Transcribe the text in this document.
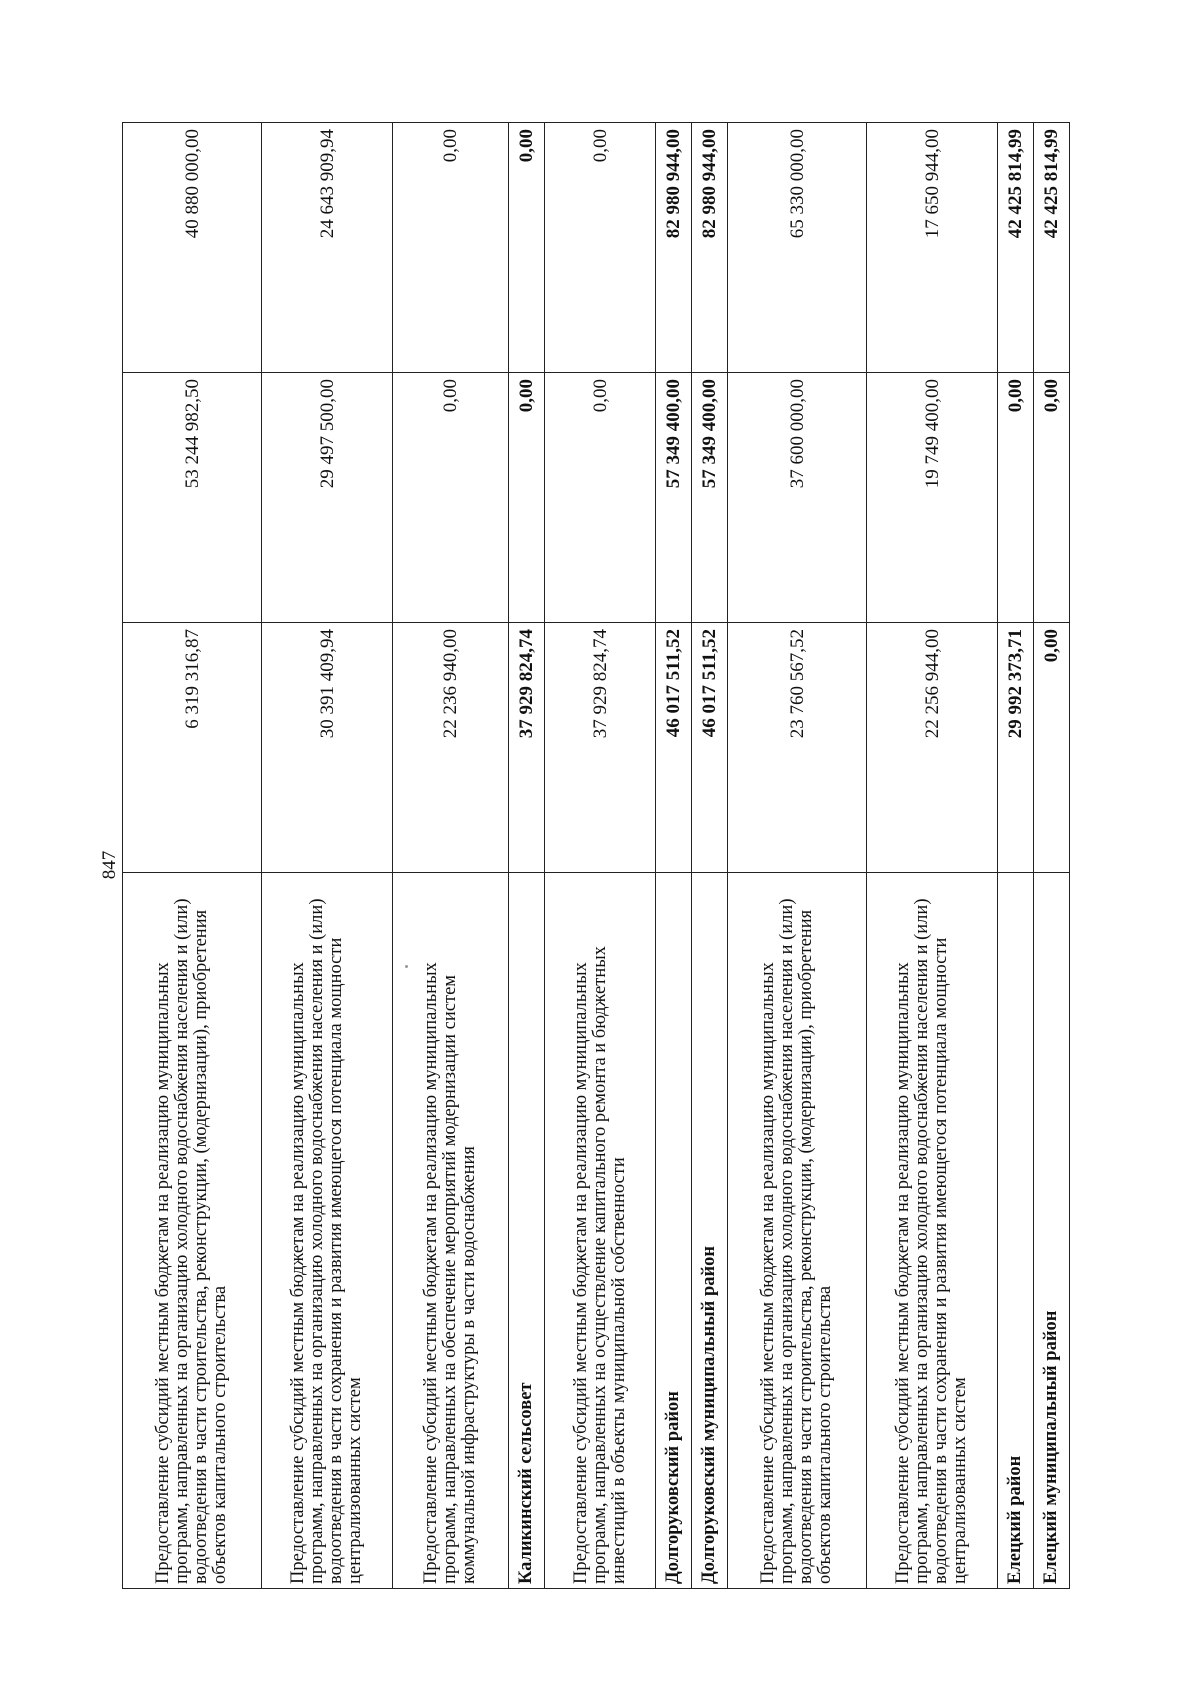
847
Предоставление субсидий местным бюджетам на реализацию муниципальных программ, направленных на организацию холодного водоснабжения населения и (или) водоотведения в части строительства, реконструкции, (модернизации), приобретения объектов капитального строительства	6 319 316,87	53 244 982,50	40 880 000,00
Предоставление субсидий местным бюджетам на реализацию муниципальных программ, направленных на организацию холодного водоснабжения населения и (или) водоотведения в части сохранения и развития имеющегося потенциала мощности централизованных систем	30 391 409,94	29 497 500,00	24 643 909,94
Предоставление субсидий местным бюджетам на реализацию муниципальных программ, направленных на обеспечение мероприятий модернизации систем коммунальной инфраструктуры в части водоснабжения	22 236 940,00	0,00	0,00
Каликинский сельсовет	37 929 824,74	0,00	0,00
Предоставление субсидий местным бюджетам на реализацию муниципальных программ, направленных на осуществление капитального ремонта и бюджетных инвестиций в объекты муниципальной собственности	37 929 824,74	0,00	0,00
Долгоруковский район	46 017 511,52	57 349 400,00	82 980 944,00
Долгоруковский муниципальный район	46 017 511,52	57 349 400,00	82 980 944,00
Предоставление субсидий местным бюджетам на реализацию муниципальных программ, направленных на организацию холодного водоснабжения населения и (или) водоотведения в части строительства, реконструкции, (модернизации), приобретения объектов капитального строительства	23 760 567,52	37 600 000,00	65 330 000,00
Предоставление субсидий местным бюджетам на реализацию муниципальных программ, направленных на организацию холодного водоснабжения населения и (или) водоотведения в части сохранения и развития имеющегося потенциала мощности централизованных систем	22 256 944,00	19 749 400,00	17 650 944,00
Елецкий район	29 992 373,71	0,00	42 425 814,99
Елецкий муниципальный район	0,00	0,00	42 425 814,99
